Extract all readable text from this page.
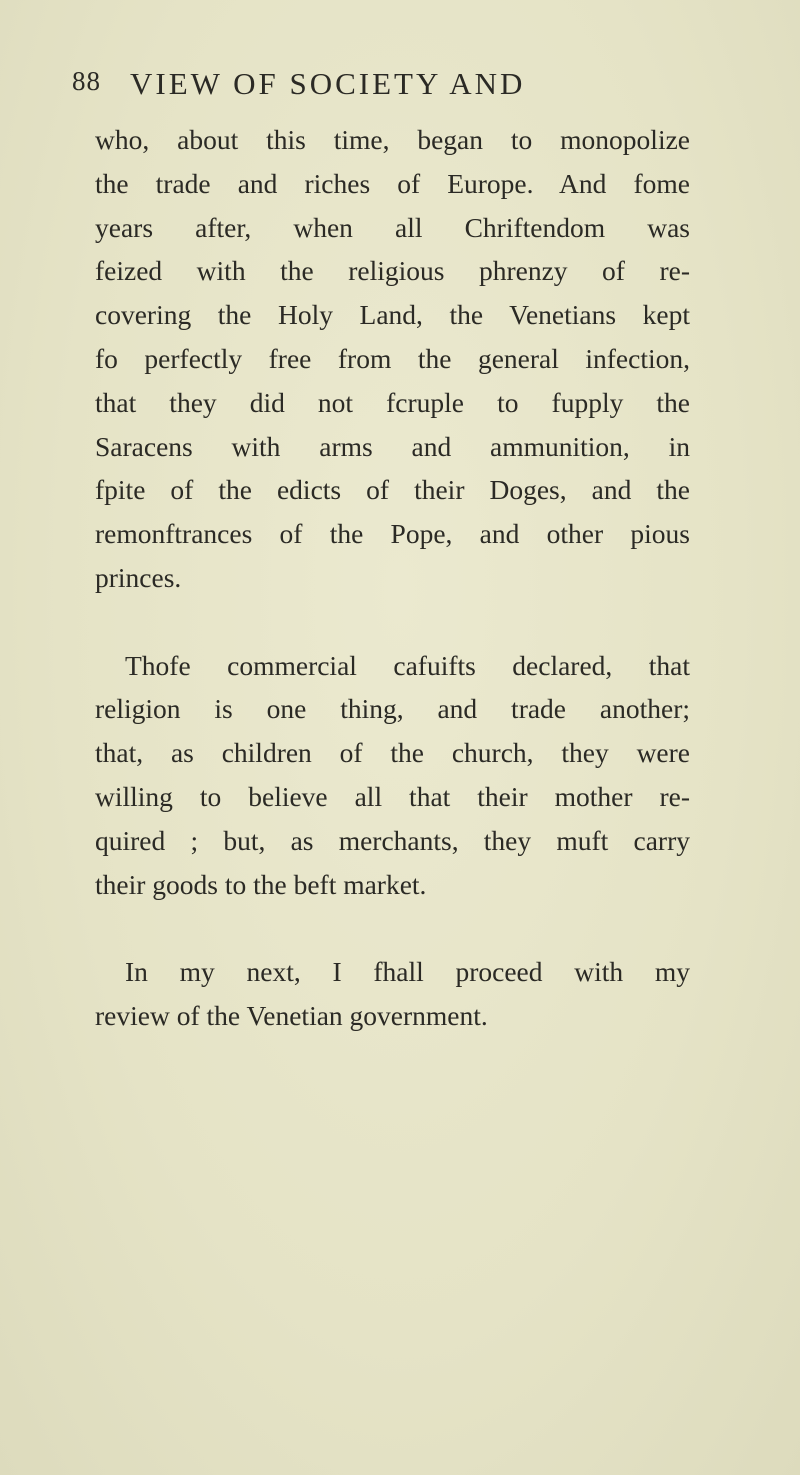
88 VIEW OF SOCIETY AND
who, about this time, began to monopolize
the trade and riches of Europe. And fome
years after, when all Chriftendom was
feized with the religious phrenzy of re-
covering the Holy Land, the Venetians kept
fo perfectly free from the general infection,
that they did not fcruple to fupply the
Saracens with arms and ammunition, in
fpite of the edicts of their Doges, and the
remonftrances of the Pope, and other pious
princes.
Thofe commercial cafuifts declared, that
religion is one thing, and trade another;
that, as children of the church, they were
willing to believe all that their mother re-
quired ; but, as merchants, they muft carry
their goods to the beft market.
In my next, I fhall proceed with my
review of the Venetian government.
